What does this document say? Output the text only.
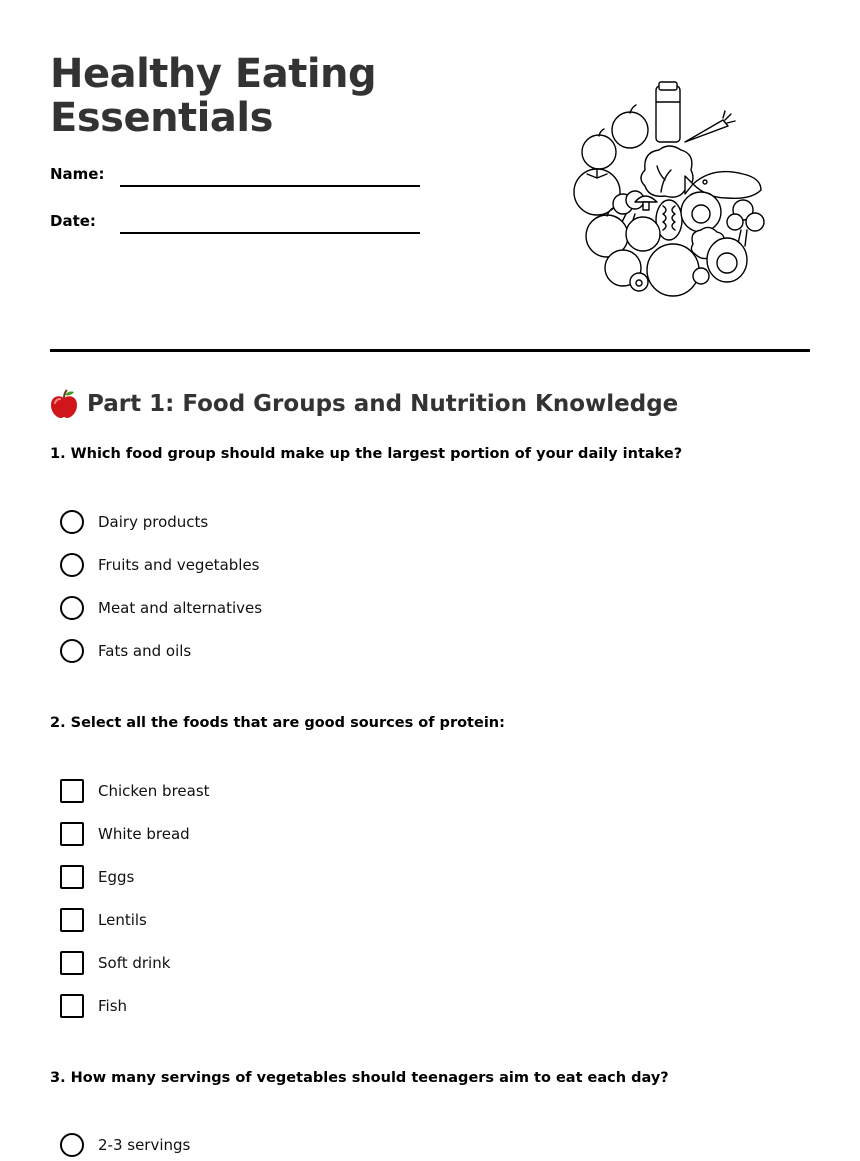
Healthy Eating
Essentials
Name:
Date:
Part 1: Food Groups and Nutrition Knowledge
1. Which food group should make up the largest portion of your daily intake?
Dairy products
Fruits and vegetables
Meat and alternatives
Fats and oils
2. Select all the foods that are good sources of protein:
Chicken breast
White bread
Eggs
Lentils
Soft drink
Fish
3. How many servings of vegetables should teenagers aim to eat each day?
2-3 servings
